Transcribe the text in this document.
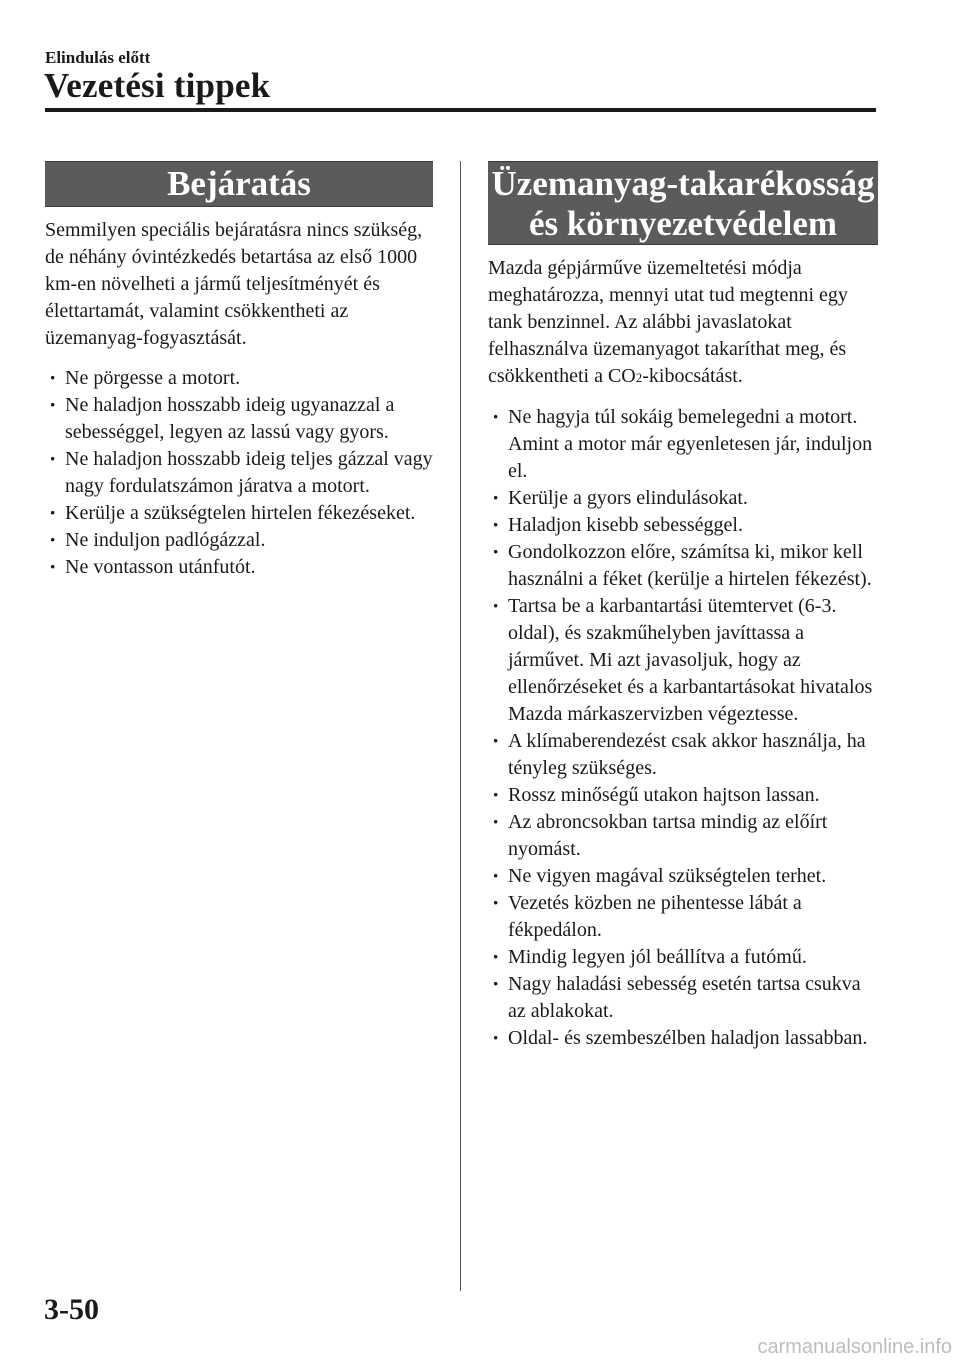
Elindulás előtt
Vezetési tippek
Bejáratás

Semmilyen speciális bejáratásra nincs szükség, de néhány óvintézkedés betartása az első 1000 km-en növelheti a jármű teljesítményét és élettartamát, valamint csökkentheti az üzemanyag-fogyasztását.

· Ne pörgesse a motort.
· Ne haladjon hosszabb ideig ugyanazzal a sebességgel, legyen az lassú vagy gyors.
· Ne haladjon hosszabb ideig teljes gázzal vagy nagy fordulatszámon járatva a motort.
· Kerülje a szükségtelen hirtelen fékezéseket.
· Ne induljon padlógázzal.
· Ne vontasson utánfutót.
Üzemanyag-takarékosság
és környezetvédelem

Mazda gépjárműve üzemeltetési módja meghatározza, mennyi utat tud megtenni egy tank benzinnel. Az alábbi javaslatokat felhasználva üzemanyagot takaríthat meg, és csökkentheti a CO2-kibocsátást.

· Ne hagyja túl sokáig bemelegedni a motort. Amint a motor már egyenletesen jár, induljon el.
· Kerülje a gyors elindulásokat.
· Haladjon kisebb sebességgel.
· Gondolkozzon előre, számítsa ki, mikor kell használni a féket (kerülje a hirtelen fékezést).
· Tartsa be a karbantartási ütemtervet (6-3. oldal), és szakműhelyben javíttassa a járművet. Mi azt javasoljuk, hogy az ellenőrzéseket és a karbantartásokat hivatalos Mazda márkaszervizben végeztesse.
· A klímaberendezést csak akkor használja, ha tényleg szükséges.
· Rossz minőségű utakon hajtson lassan.
· Az abroncsokban tartsa mindig az előírt nyomást.
· Ne vigyen magával szükségtelen terhet.
· Vezetés közben ne pihentesse lábát a fékpedálon.
· Mindig legyen jól beállítva a futómű.
· Nagy haladási sebesség esetén tartsa csukva az ablakokat.
· Oldal- és szembeszélben haladjon lassabban.
3-50
carmanualsonline.info
